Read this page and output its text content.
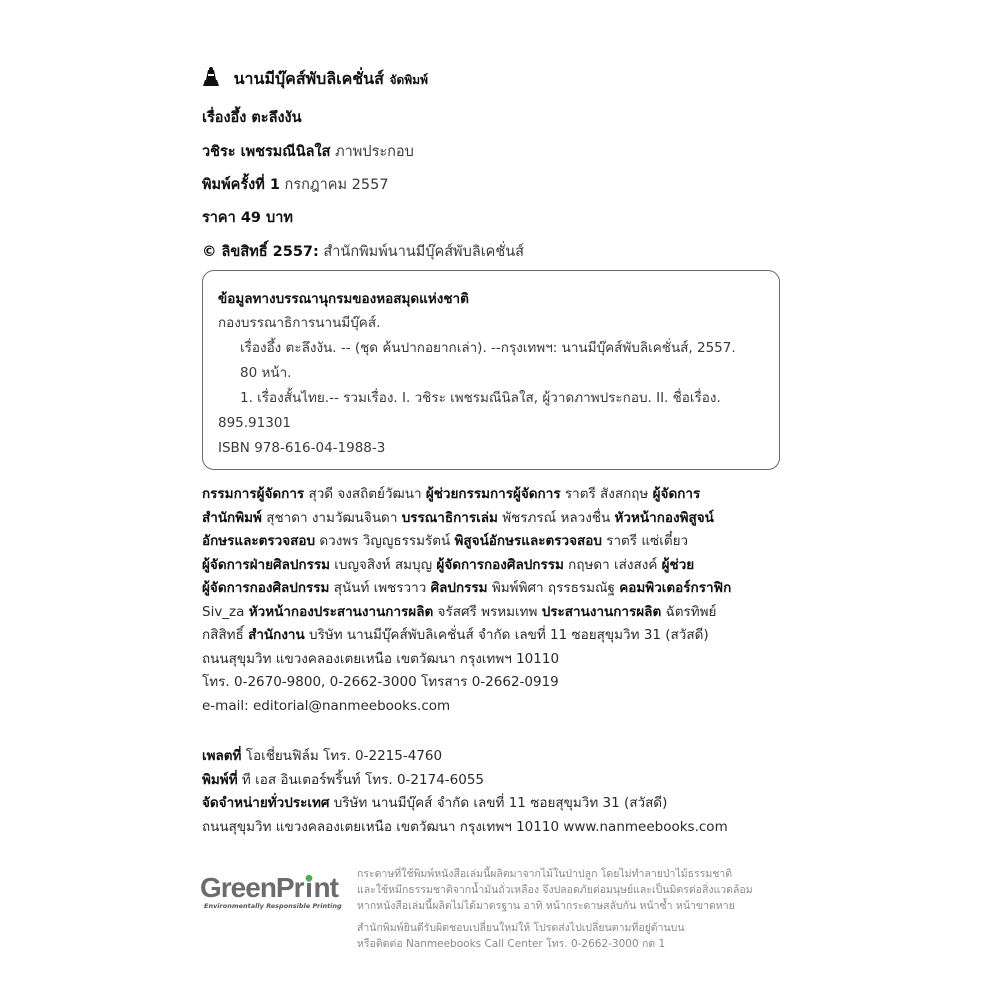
นานมีบุ๊คส์พับลิเคชั่นส์ จัดพิมพ์
เรื่องอึ้ง ตะลึงงัน
วชิระ เพชรมณีนิลใส ภาพประกอบ
พิมพ์ครั้งที่ 1 กรกฎาคม 2557
ราคา 49 บาท
© ลิขสิทธิ์ 2557: สำนักพิมพ์นานมีบุ๊คส์พับลิเคชั่นส์
ข้อมูลทางบรรณานุกรมของหอสมุดแห่งชาติ
กองบรรณาธิการนานมีบุ๊คส์.
เรื่องอึ้ง ตะลึงงัน. -- (ชุด ค้นปากอยากเล่า). --กรุงเทพฯ: นานมีบุ๊คส์พับลิเคชั่นส์, 2557.
80 หน้า.
1. เรื่องสั้นไทย.-- รวมเรื่อง. I. วชิระ เพชรมณีนิลใส, ผู้วาดภาพประกอบ. II. ชื่อเรื่อง.
895.91301
ISBN 978-616-04-1988-3
กรรมการผู้จัดการ สุวดี จงสถิตย์วัฒนา ผู้ช่วยกรรมการผู้จัดการ ราตรี สังสกฤษ ผู้จัดการ
สำนักพิมพ์ สุชาดา งามวัฒนจินดา บรรณาธิการเล่ม พัชรภรณ์ หลวงชื่น หัวหน้ากองพิสูจน์
อักษรและตรวจสอบ ดวงพร วิญญูธรรมรัตน์ พิสูจน์อักษรและตรวจสอบ ราตรี แซ่เตี๋ยว
ผู้จัดการฝ่ายศิลปกรรม เบญจสิงห์ สมบุญ ผู้จัดการกองศิลปกรรม กฤษดา เส่งสงค์ ผู้ช่วย
ผู้จัดการกองศิลปกรรม สุนันท์ เพชรวาว ศิลปกรรม พิมพ์พิศา ฤรรธรมณัฐ คอมพิวเตอร์กราฟิก
Siv_za หัวหน้ากองประสานงานการผลิต จรัสศรี พรหมเทพ ประสานงานการผลิต ฉัตรทิพย์
กสิสิทธิ์ สำนักงาน บริษัท นานมีบุ๊คส์พับลิเคชั่นส์ จำกัด เลขที่ 11 ซอยสุขุมวิท 31 (สวัสดี)
ถนนสุขุมวิท แขวงคลองเตยเหนือ เขตวัฒนา กรุงเทพฯ 10110
โทร. 0-2670-9800, 0-2662-3000 โทรสาร 0-2662-0919
e-mail: editorial@nanmeebooks.com
เพลตที่ โอเชี่ยนฟิล์ม โทร. 0-2215-4760
พิมพ์ที่ ที เอส อินเตอร์พริ้นท์ โทร. 0-2174-6055
จัดจำหน่ายทั่วประเทศ บริษัท นานมีบุ๊คส์ จำกัด เลขที่ 11 ซอยสุขุมวิท 31 (สวัสดี)
ถนนสุขุมวิท แขวงคลองเตยเหนือ เขตวัฒนา กรุงเทพฯ 10110 www.nanmeebooks.com
GreenPr nt
Environmentally Responsible Printing
กระดาษที่ใช้พิมพ์หนังสือเล่มนี้ผลิตมาจากไม้ในป่าปลูก โดยไม่ทำลายป่าไม้ธรรมชาติ
และใช้หมึกธรรมชาติจากน้ำมันถั่วเหลือง จึงปลอดภัยต่อมนุษย์และเป็นมิตรต่อสิ่งแวดล้อม
หากหนังสือเล่มนี้ผลิตไม่ได้มาตรฐาน อาทิ หน้ากระดาษสลับกัน หน้าซ้ำ หน้าขาดหาย
สำนักพิมพ์ยินดีรับผิดชอบเปลี่ยนใหม่ให้ โปรดส่งไปเปลี่ยนตามที่อยู่ด้านบน
หรือติดต่อ Nanmeebooks Call Center โทร. 0-2662-3000 กด 1
